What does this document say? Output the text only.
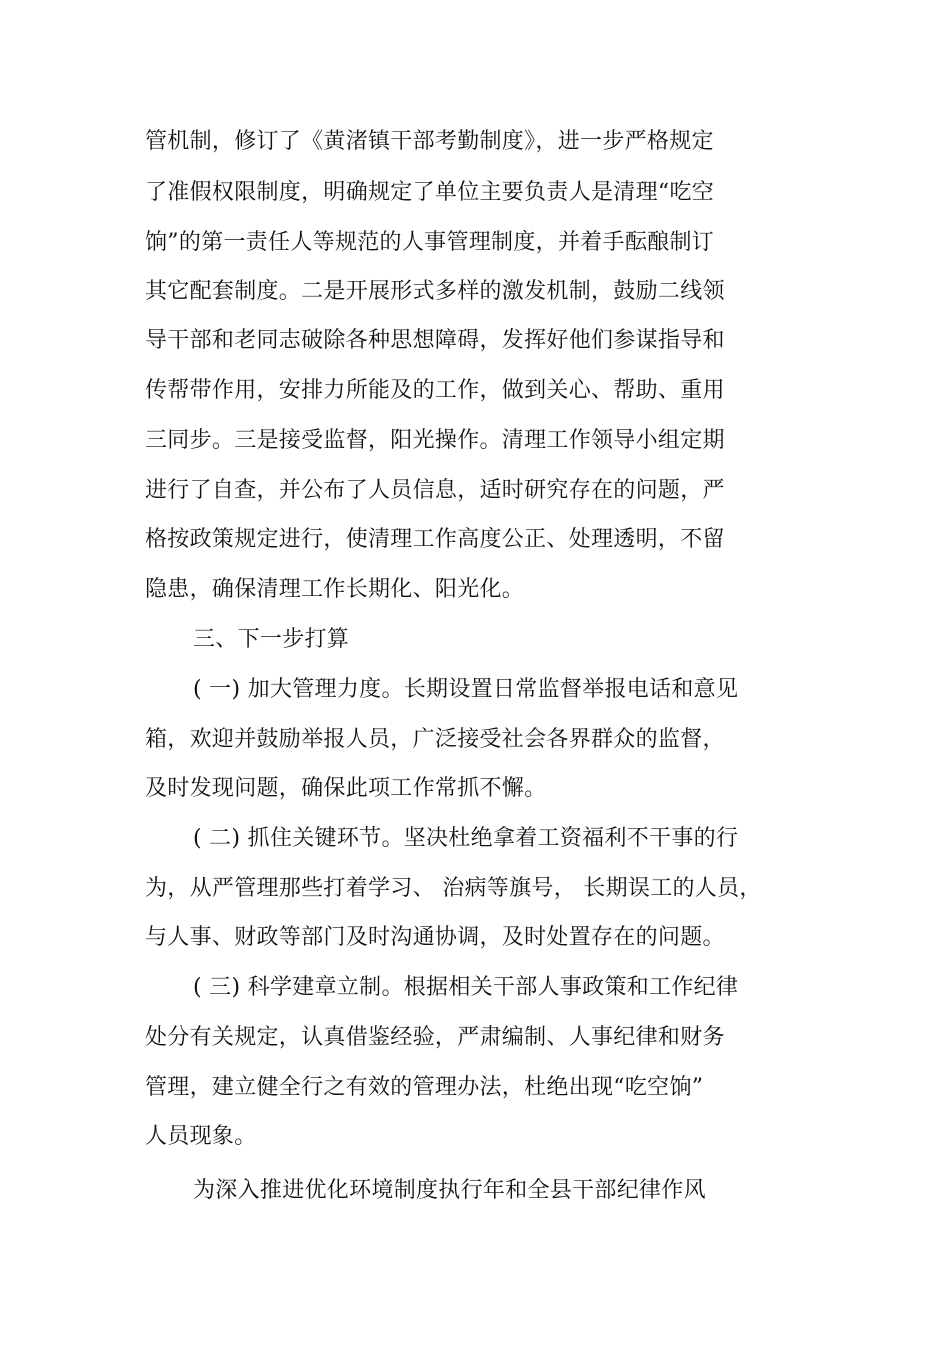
管机制，修订了《黄渚镇干部考勤制度》，进一步严格规定
了准假权限制度，明确规定了单位主要负责人是清理“吃空
饷”的第一责任人等规范的人事管理制度，并着手酝酿制订
其它配套制度。二是开展形式多样的激发机制，鼓励二线领
导干部和老同志破除各种思想障碍，发挥好他们参谋指导和
传帮带作用，安排力所能及的工作，做到关心、帮助、重用
三同步。三是接受监督，阳光操作。清理工作领导小组定期
进行了自查，并公布了人员信息，适时研究存在的问题，严
格按政策规定进行，使清理工作高度公正、处理透明，不留
隐患，确保清理工作长期化、阳光化。
三、下一步打算
( 一) 加大管理力度。长期设置日常监督举报电话和意见
箱，欢迎并鼓励举报人员，广泛接受社会各界群众的监督，
及时发现问题，确保此项工作常抓不懈。
( 二) 抓住关键环节。坚决杜绝拿着工资福利不干事的行
为，从严管理那些打着学习、 治病等旗号， 长期误工的人员，
与人事、财政等部门及时沟通协调，及时处置存在的问题。
( 三) 科学建章立制。根据相关干部人事政策和工作纪律
处分有关规定，认真借鉴经验，严肃编制、人事纪律和财务
管理，建立健全行之有效的管理办法，杜绝出现“吃空饷”
人员现象。
为深入推进优化环境制度执行年和全县干部纪律作风
